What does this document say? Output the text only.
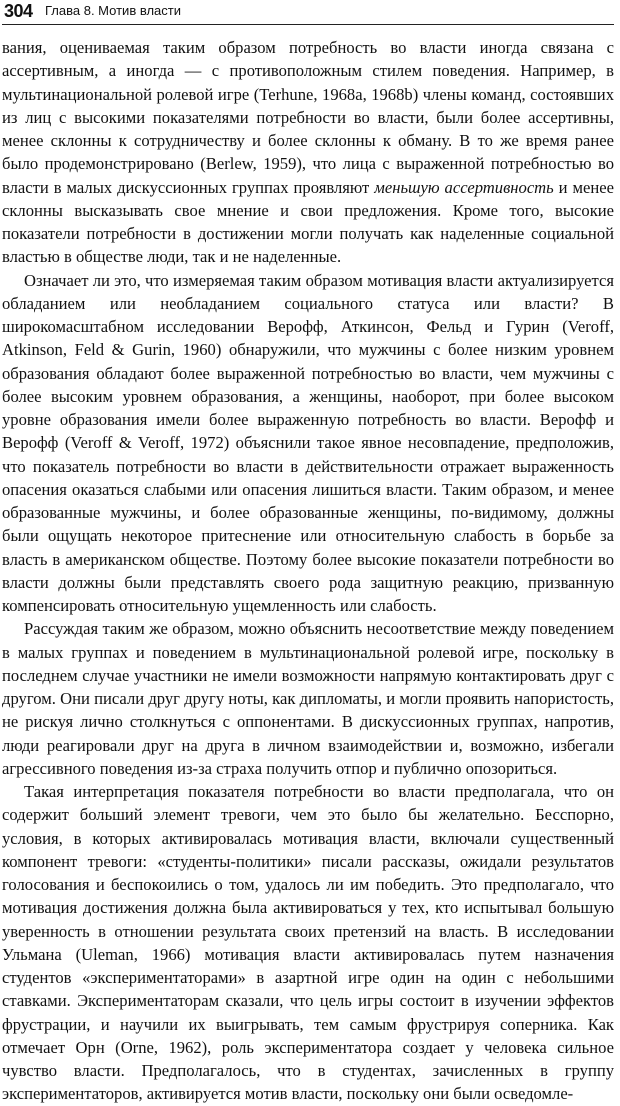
304 Глава 8. Мотив власти

вания, оцениваемая таким образом потребность во власти иногда связана с ассертивным, а иногда — с противоположным стилем поведения. Например, в мультинациональной ролевой игре (Terhune, 1968a, 1968b) члены команд, состоявших из лиц с высокими показателями потребности во власти, были более ассертивны, менее склонны к сотрудничеству и более склонны к обману. В то же время ранее было продемонстрировано (Berlew, 1959), что лица с выраженной потребностью во власти в малых дискуссионных группах проявляют меньшую ассертивность и менее склонны высказывать свое мнение и свои предложения. Кроме того, высокие показатели потребности в достижении могли получать как наделенные социальной властью в обществе люди, так и не наделенные.

Означает ли это, что измеряемая таким образом мотивация власти актуализируется обладанием или необладанием социального статуса или власти? В широкомасштабном исследовании Верофф, Аткинсон, Фельд и Гурин (Veroff, Atkinson, Feld & Gurin, 1960) обнаружили, что мужчины с более низким уровнем образования обладают более выраженной потребностью во власти, чем мужчины с более высоким уровнем образования, а женщины, наоборот, при более высоком уровне образования имели более выраженную потребность во власти. Верофф и Верофф (Veroff & Veroff, 1972) объяснили такое явное несовпадение, предположив, что показатель потребности во власти в действительности отражает выраженность опасения оказаться слабыми или опасения лишиться власти. Таким образом, и менее образованные мужчины, и более образованные женщины, по-видимому, должны были ощущать некоторое притеснение или относительную слабость в борьбе за власть в американском обществе. Поэтому более высокие показатели потребности во власти должны были представлять своего рода защитную реакцию, призванную компенсировать относительную ущемленность или слабость.

Рассуждая таким же образом, можно объяснить несоответствие между поведением в малых группах и поведением в мультинациональной ролевой игре, поскольку в последнем случае участники не имели возможности напрямую контактировать друг с другом. Они писали друг другу ноты, как дипломаты, и могли проявить напористость, не рискуя лично столкнуться с оппонентами. В дискуссионных группах, напротив, люди реагировали друг на друга в личном взаимодействии и, возможно, избегали агрессивного поведения из-за страха получить отпор и публично опозориться.

Такая интерпретация показателя потребности во власти предполагала, что он содержит больший элемент тревоги, чем это было бы желательно. Бесспорно, условия, в которых активировалась мотивация власти, включали существенный компонент тревоги: «студенты-политики» писали рассказы, ожидали результатов голосования и беспокоились о том, удалось ли им победить. Это предполагало, что мотивация достижения должна была активироваться у тех, кто испытывал большую уверенность в отношении результата своих претензий на власть. В исследовании Ульмана (Uleman, 1966) мотивация власти активировалась путем назначения студентов «экспериментаторами» в азартной игре один на один с небольшими ставками. Экспериментаторам сказали, что цель игры состоит в изучении эффектов фрустрации, и научили их выигрывать, тем самым фрустрируя соперника. Как отмечает Орн (Orne, 1962), роль экспериментатора создает у человека сильное чувство власти. Предполагалось, что в студентах, зачисленных в группу экспериментаторов, активируется мотив власти, поскольку они были осведомле-
